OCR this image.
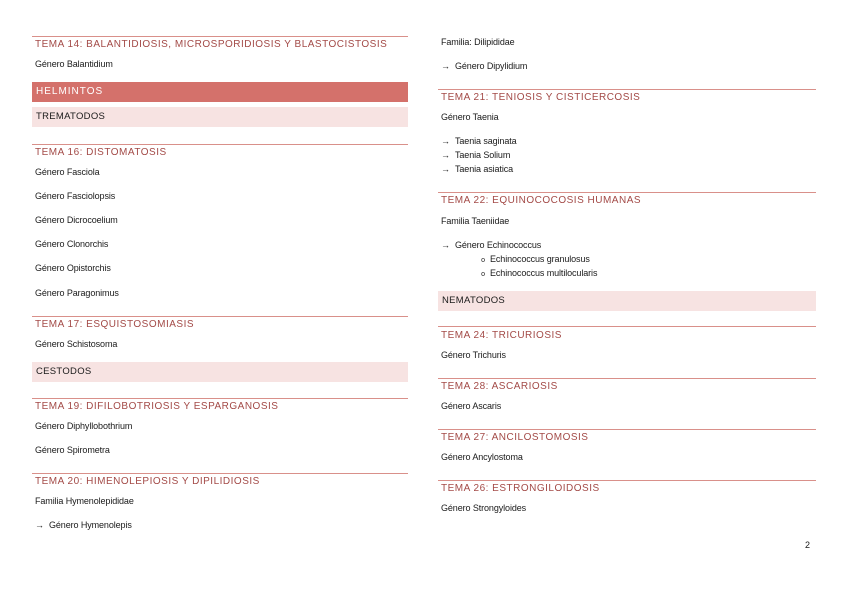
TEMA 14: BALANTIDIOSIS, MICROSPORIDIOSIS Y BLASTOCISTOSIS
Género Balantidium
HELMINTOS
TREMATODOS
TEMA 16: DISTOMATOSIS
Género Fasciola
Género Fasciolopsis
Género Dicrocoelium
Género Clonorchis
Género Opistorchis
Género Paragonimus
TEMA 17: ESQUISTOSOMIASIS
Género Schistosoma
CESTODOS
TEMA 19: DIFILOBOTRIOSIS Y ESPARGANOSIS
Género Diphyllobothrium
Género Spirometra
TEMA 20: HIMENOLEPIOSIS Y DIPILIDIOSIS
Familia Hymenolepididae
→ Género Hymenolepis
Familia: Dilipididae
→ Género Dipylidium
TEMA 21: TENIOSIS Y CISTICERCOSIS
Género Taenia
→ Taenia saginata
→ Taenia Solium
→ Taenia asiatica
TEMA 22: EQUINOCOCOSIS HUMANAS
Familia Taeniidae
→ Género Echinococcus
o Echinococcus granulosus
o Echinococcus multilocularis
NEMATODOS
TEMA 24: TRICURIOSIS
Género Trichuris
TEMA 28: ASCARIOSIS
Género Ascaris
TEMA 27: ANCILOSTOMOSIS
Género Ancylostoma
TEMA 26: ESTRONGILOIDOSIS
Género Strongyloides
2
